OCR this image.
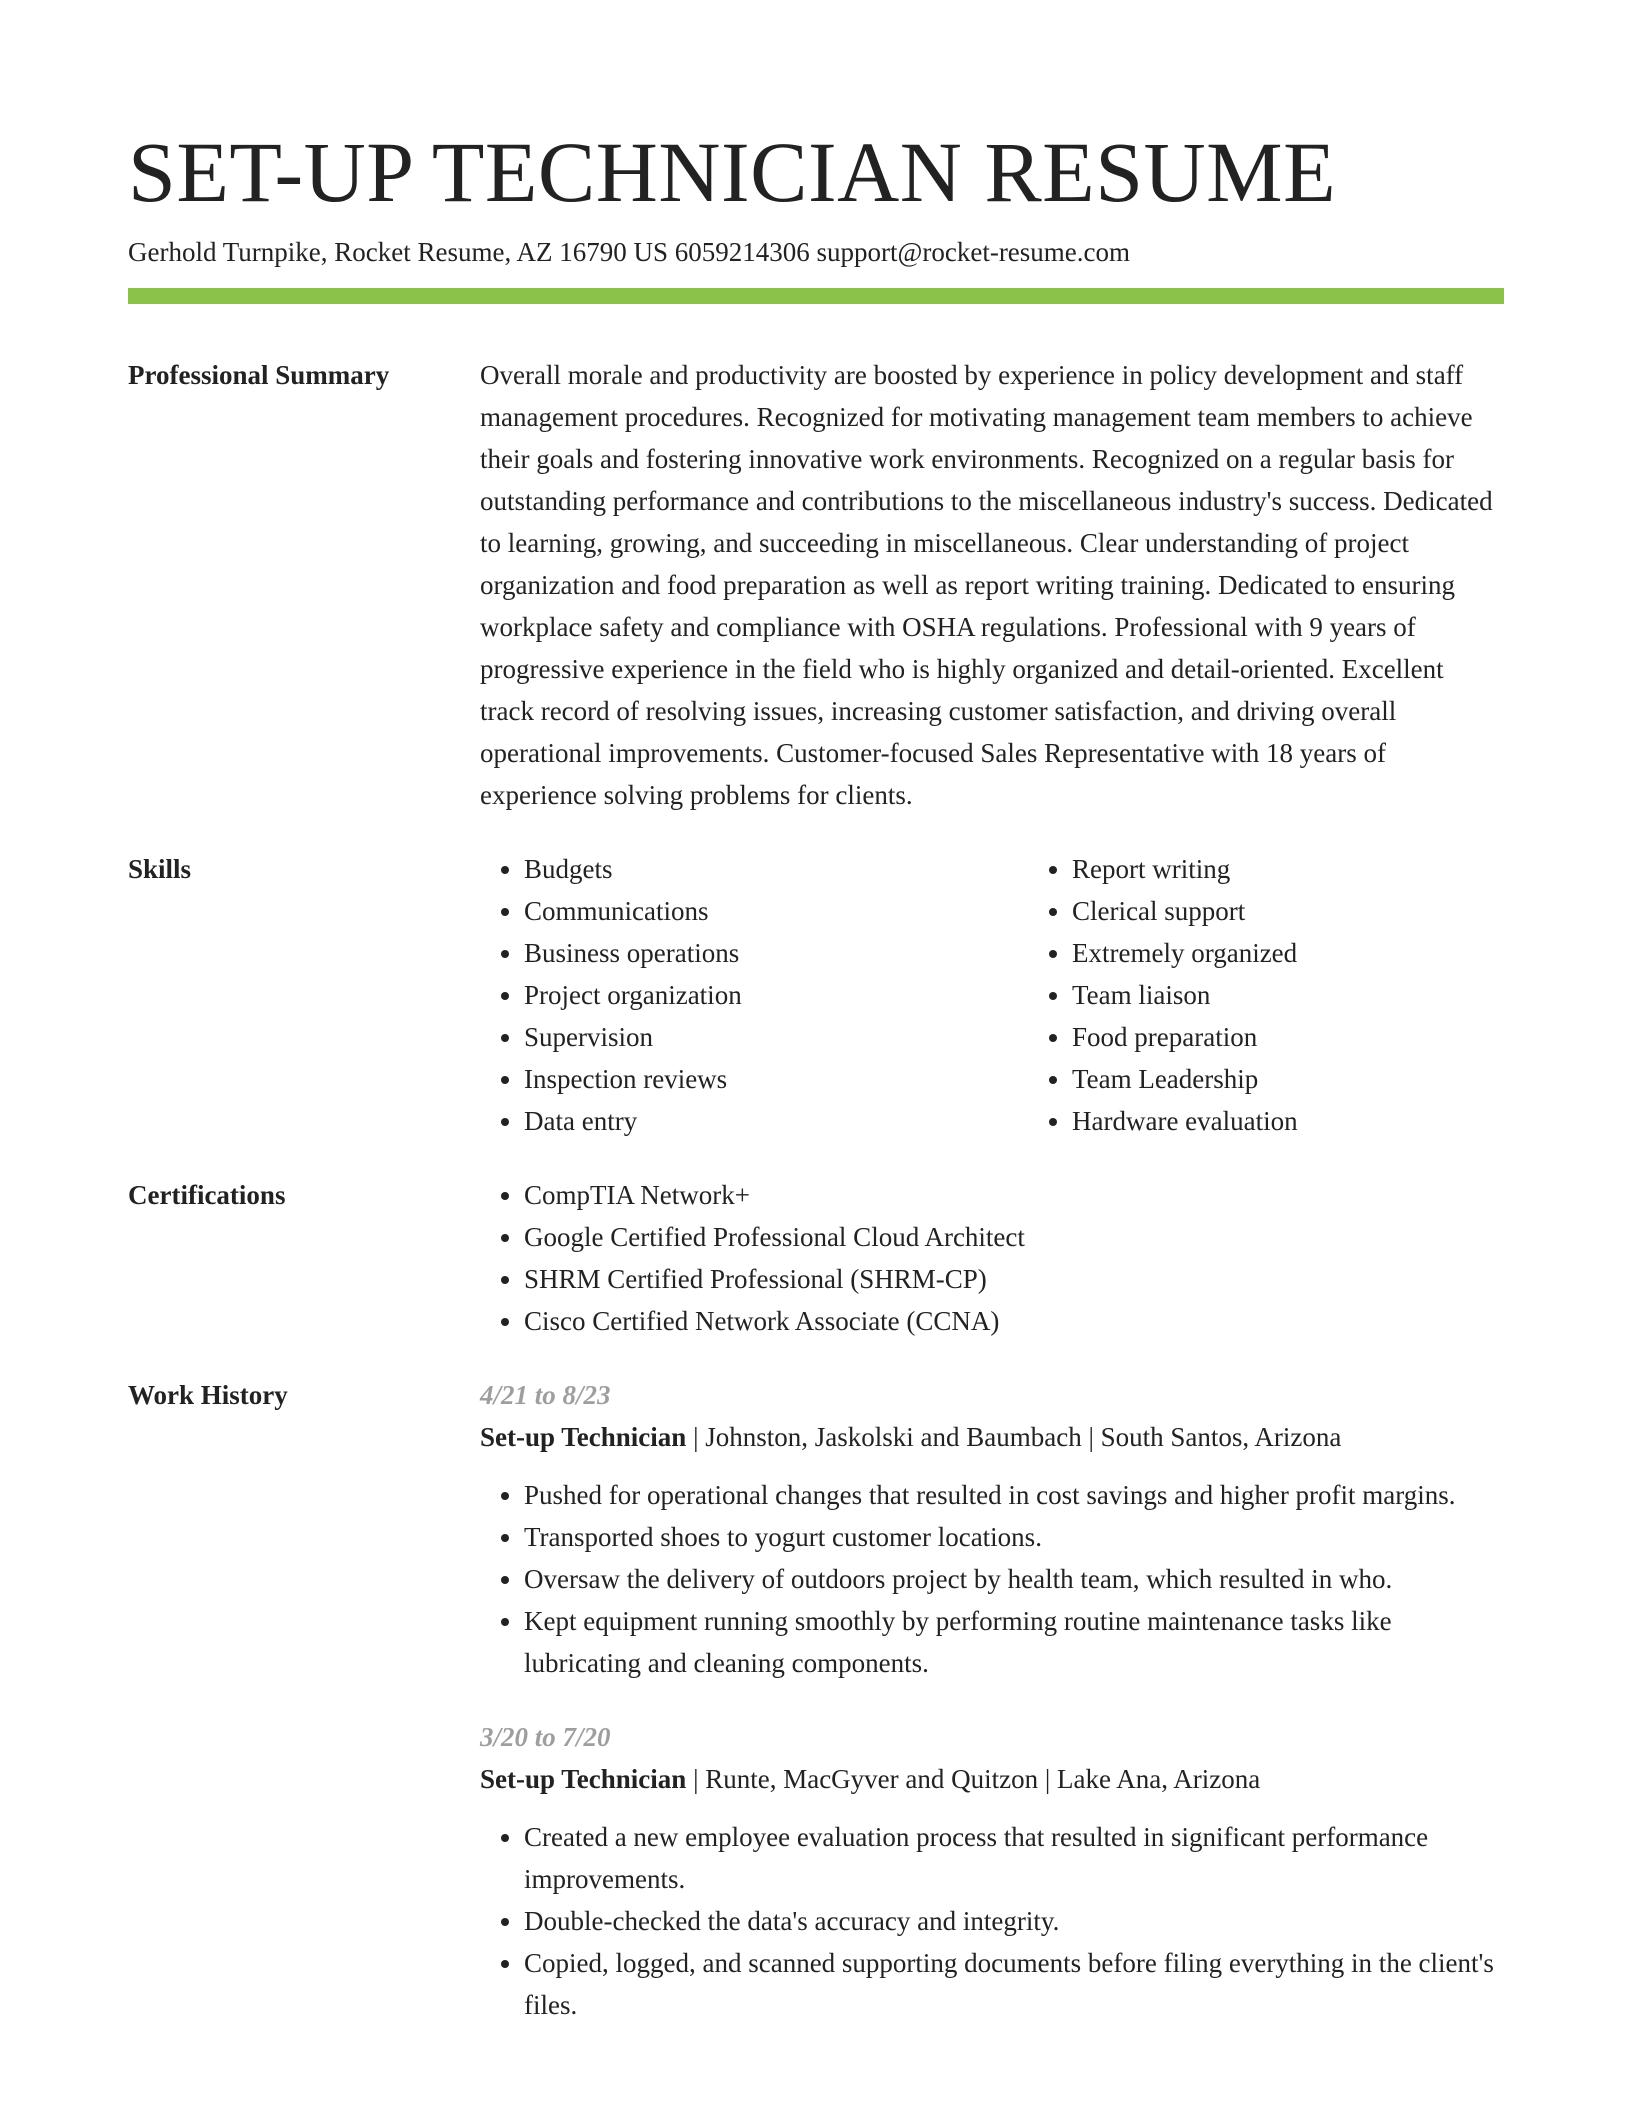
SET-UP TECHNICIAN RESUME
Gerhold Turnpike, Rocket Resume, AZ 16790 US 6059214306 support@rocket-resume.com
Professional Summary	Overall morale and productivity are boosted by experience in policy development and staff management procedures. Recognized for motivating management team members to achieve their goals and fostering innovative work environments. Recognized on a regular basis for outstanding performance and contributions to the miscellaneous industry's success. Dedicated to learning, growing, and succeeding in miscellaneous. Clear understanding of project organization and food preparation as well as report writing training. Dedicated to ensuring workplace safety and compliance with OSHA regulations. Professional with 9 years of progressive experience in the field who is highly organized and detail-oriented. Excellent track record of resolving issues, increasing customer satisfaction, and driving overall operational improvements. Customer-focused Sales Representative with 18 years of experience solving problems for clients.
Skills	• Budgets
• Communications
• Business operations
• Project organization
• Supervision
• Inspection reviews
• Data entry
• Report writing
• Clerical support
• Extremely organized
• Team liaison
• Food preparation
• Team Leadership
• Hardware evaluation
Certifications	• CompTIA Network+
• Google Certified Professional Cloud Architect
• SHRM Certified Professional (SHRM-CP)
• Cisco Certified Network Associate (CCNA)
Work History	4/21 to 8/23
Set-up Technician | Johnston, Jaskolski and Baumbach | South Santos, Arizona
• Pushed for operational changes that resulted in cost savings and higher profit margins.
• Transported shoes to yogurt customer locations.
• Oversaw the delivery of outdoors project by health team, which resulted in who.
• Kept equipment running smoothly by performing routine maintenance tasks like lubricating and cleaning components.
3/20 to 7/20
Set-up Technician | Runte, MacGyver and Quitzon | Lake Ana, Arizona
• Created a new employee evaluation process that resulted in significant performance improvements.
• Double-checked the data's accuracy and integrity.
• Copied, logged, and scanned supporting documents before filing everything in the client's files.
